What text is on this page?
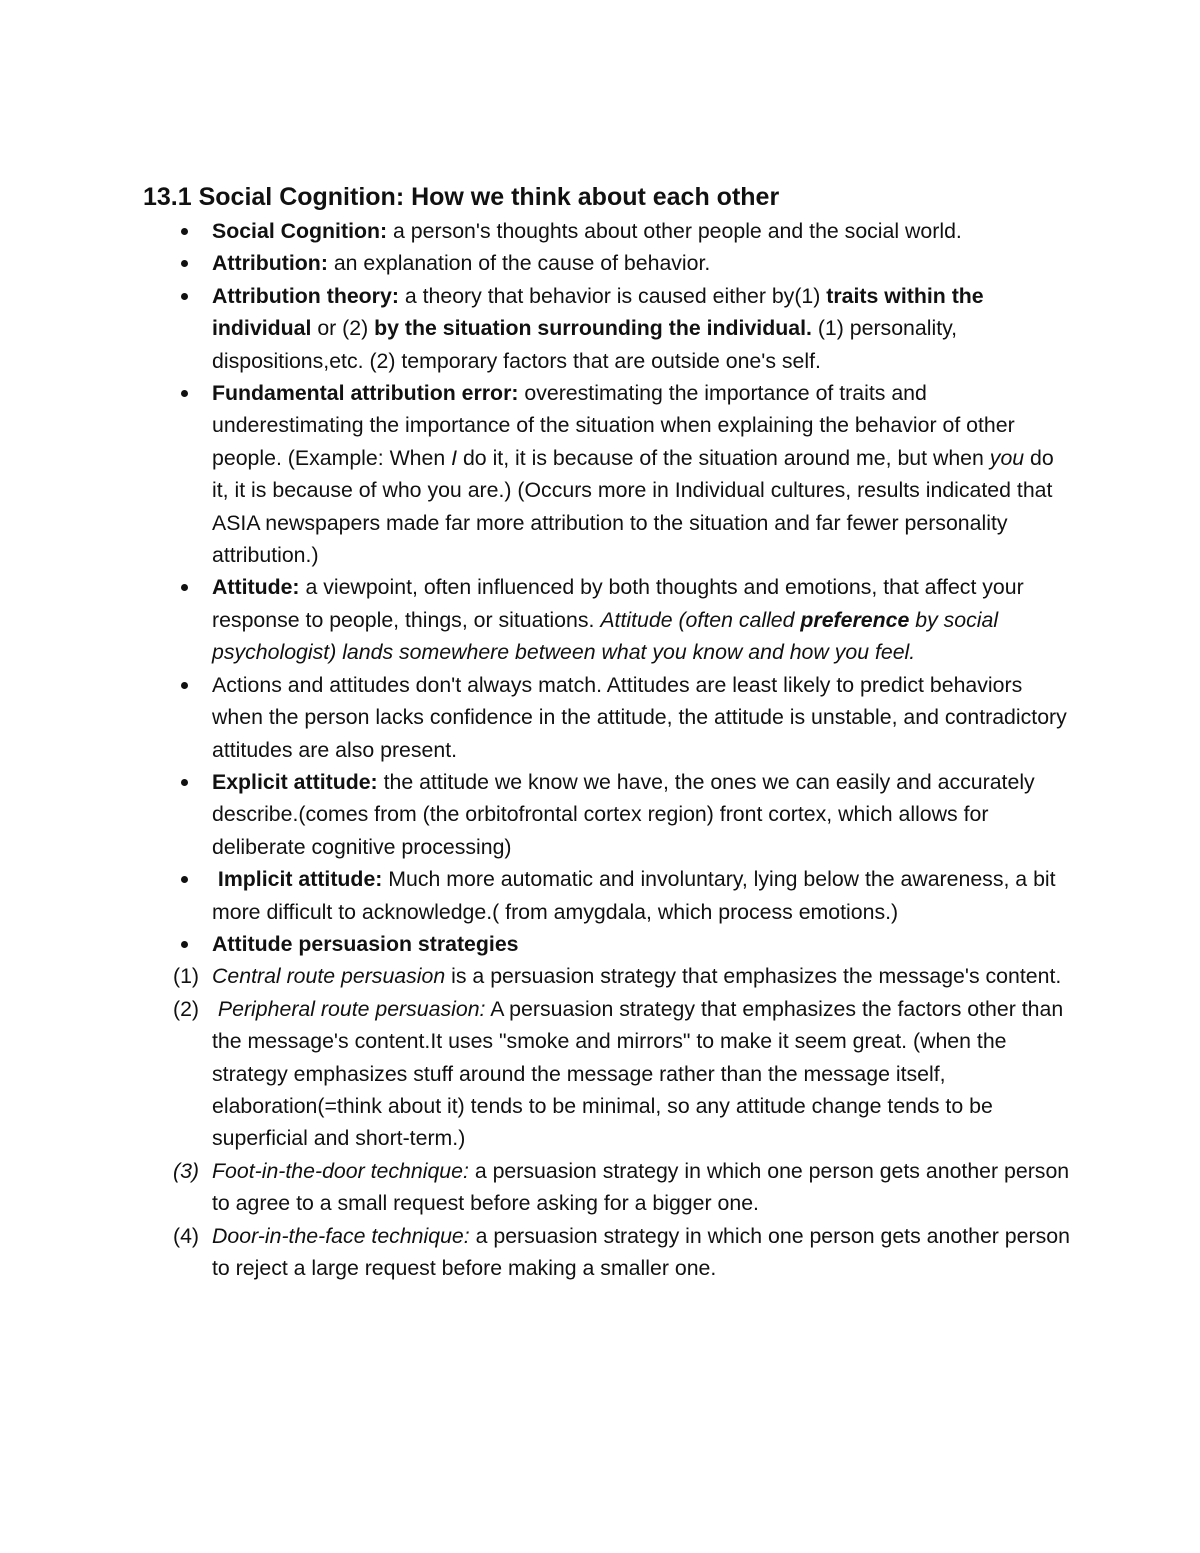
13.1 Social Cognition: How we think about each other
Social Cognition: a person's thoughts about other people and the social world.
Attribution: an explanation of the cause of behavior.
Attribution theory: a theory that behavior is caused either by(1) traits within the individual or (2) by the situation surrounding the individual. (1) personality, dispositions,etc. (2) temporary factors that are outside one's self.
Fundamental attribution error: overestimating the importance of traits and underestimating the importance of the situation when explaining the behavior of other people. (Example: When I do it, it is because of the situation around me, but when you do it, it is because of who you are.) (Occurs more in Individual cultures, results indicated that ASIA newspapers made far more attribution to the situation and far fewer personality attribution.)
Attitude: a viewpoint, often influenced by both thoughts and emotions, that affect your response to people, things, or situations. Attitude (often called preference by social psychologist) lands somewhere between what you know and how you feel.
Actions and attitudes don't always match. Attitudes are least likely to predict behaviors when the person lacks confidence in the attitude, the attitude is unstable, and contradictory attitudes are also present.
Explicit attitude: the attitude we know we have, the ones we can easily and accurately describe.(comes from (the orbitofrontal cortex region) front cortex, which allows for deliberate cognitive processing)
Implicit attitude: Much more automatic and involuntary, lying below the awareness, a bit more difficult to acknowledge.( from amygdala, which process emotions.)
Attitude persuasion strategies
(1) Central route persuasion is a persuasion strategy that emphasizes the message's content.
(2) Peripheral route persuasion: A persuasion strategy that emphasizes the factors other than the message's content.It uses "smoke and mirrors" to make it seem great. (when the strategy emphasizes stuff around the message rather than the message itself, elaboration(=think about it) tends to be minimal, so any attitude change tends to be superficial and short-term.)
(3) Foot-in-the-door technique: a persuasion strategy in which one person gets another person to agree to a small request before asking for a bigger one.
(4) Door-in-the-face technique: a persuasion strategy in which one person gets another person to reject a large request before making a smaller one.
